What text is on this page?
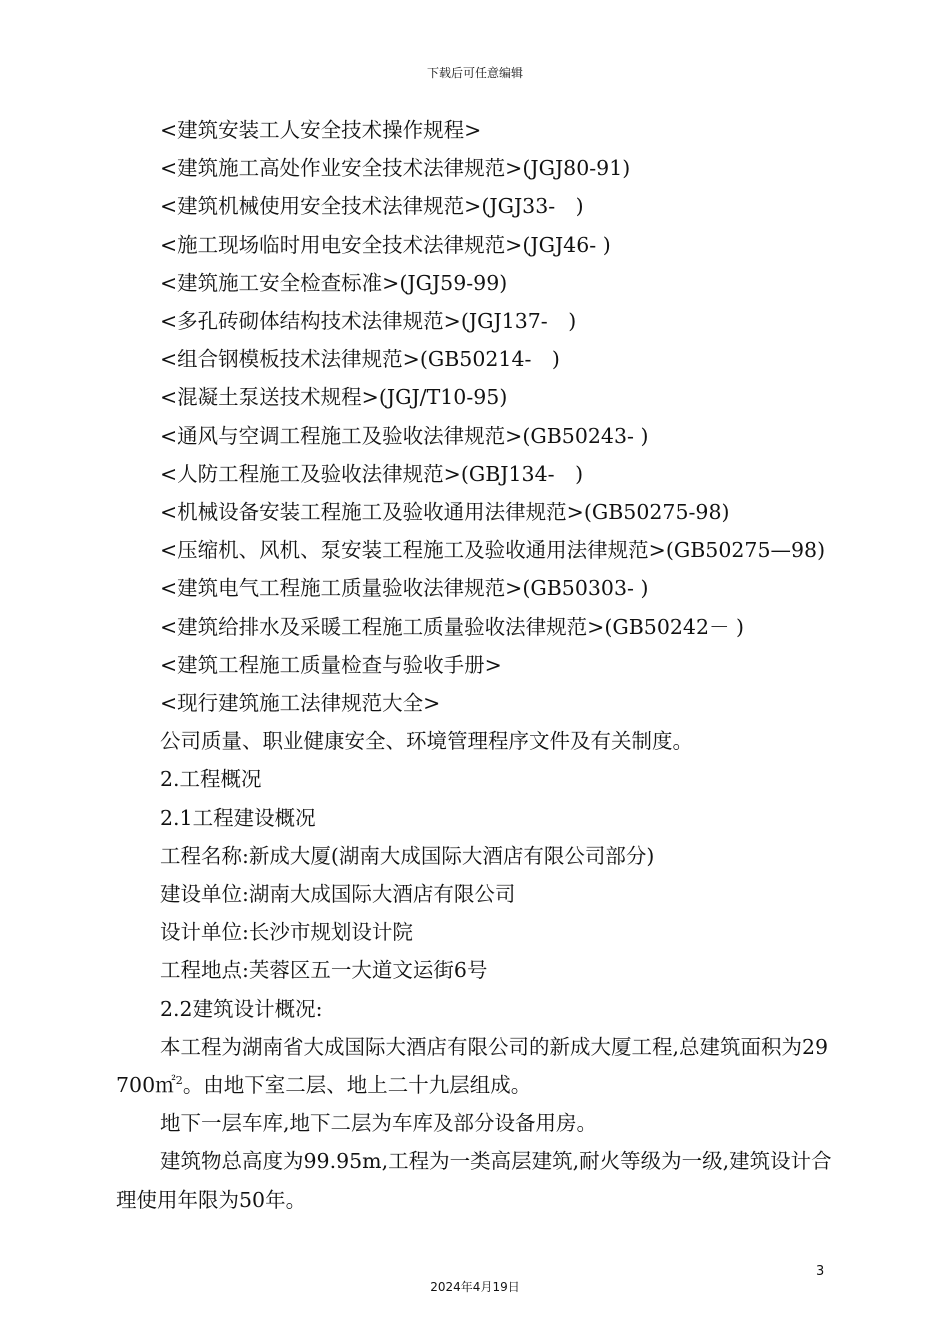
下载后可任意编辑

<建筑安装工人安全技术操作规程>

<建筑施工高处作业安全技术法律规范>(JGJ80-91)

<建筑机械使用安全技术法律规范>(JGJ33-　)

<施工现场临时用电安全技术法律规范>(JGJ46- )

<建筑施工安全检查标准>(JGJ59-99)

<多孔砖砌体结构技术法律规范>(JGJ137-　)

<组合钢模板技术法律规范>(GB50214-　)

<混凝土泵送技术规程>(JGJ/T10-95)

<通风与空调工程施工及验收法律规范>(GB50243- )

<人防工程施工及验收法律规范>(GBJ134-　)

<机械设备安装工程施工及验收通用法律规范>(GB50275-98)

<压缩机、风机、泵安装工程施工及验收通用法律规范>(GB50275—98)

<建筑电气工程施工质量验收法律规范>(GB50303- )

<建筑给排水及采暖工程施工质量验收法律规范>(GB50242－ )

<建筑工程施工质量检查与验收手册>

<现行建筑施工法律规范大全>

公司质量、职业健康安全、环境管理程序文件及有关制度。

2.工程概况

2.1工程建设概况

工程名称:新成大厦(湖南大成国际大酒店有限公司部分)

建设单位:湖南大成国际大酒店有限公司

设计单位:长沙市规划设计院

工程地点:芙蓉区五一大道文运街6号

2.2建筑设计概况:

本工程为湖南省大成国际大酒店有限公司的新成大厦工程,总建筑面积为29700㎡$^2$。由地下室二层、地上二十九层组成。

地下一层车库,地下二层为车库及部分设备用房。

建筑物总高度为99.95m,工程为一类高层建筑,耐火等级为一级,建筑设计合理使用年限为50年。

3
2024年4月19日
